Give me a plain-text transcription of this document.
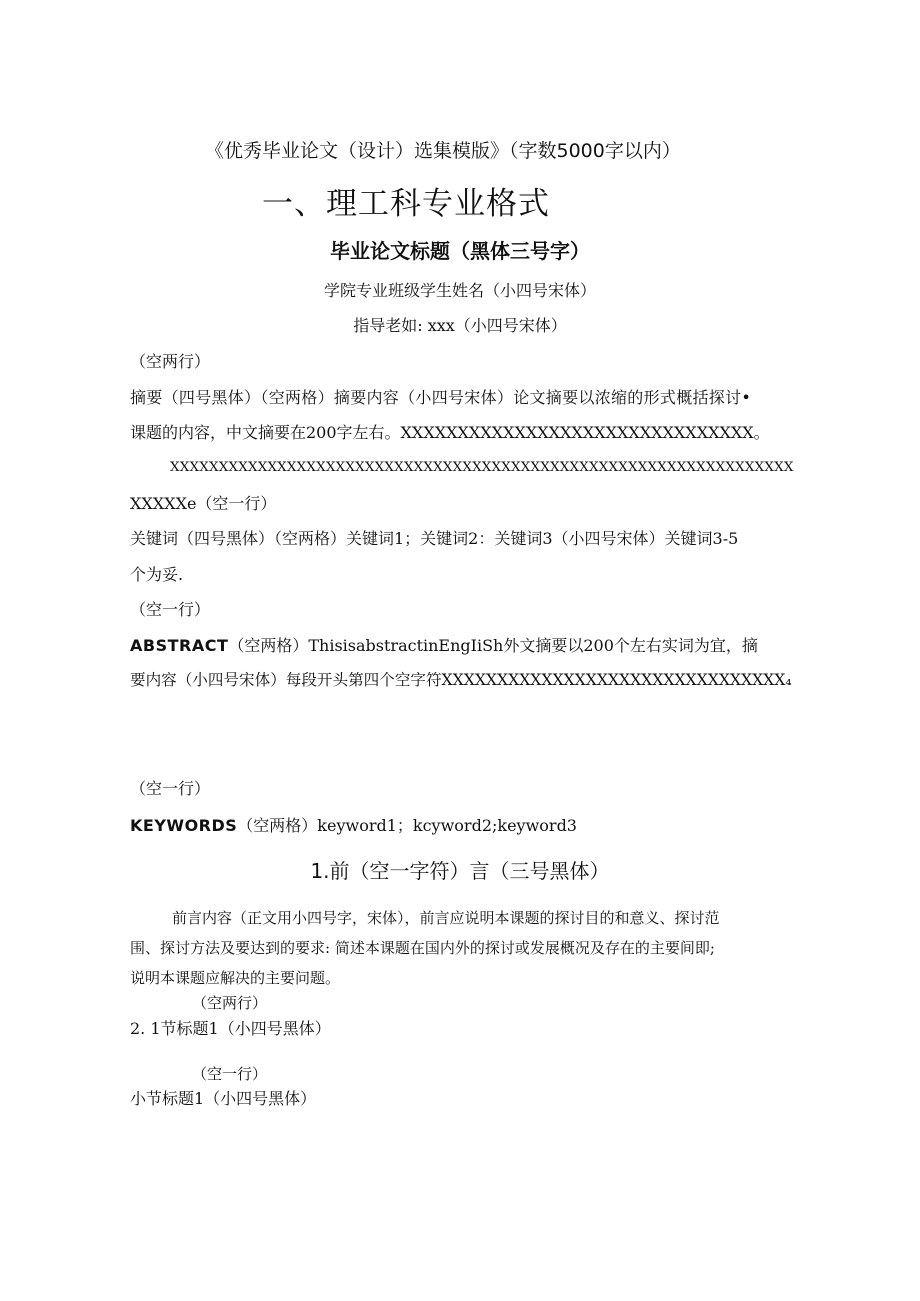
《优秀毕业论文（设计）选集模版》（字数5000字以内）
一、理工科专业格式
毕业论文标题（黑体三号字）
学院专业班级学生姓名（小四号宋体）
指导老如: xxx（小四号宋体）
（空两行）
摘要（四号黑体）（空两格）摘要内容（小四号宋体）论文摘要以浓缩的形式概括探讨•
课题的内容，中文摘要在200字左右。XXXXXXXXXXXXXXXXXXXXXXXXXXXXXXX。
XXXXXXXXXXXXXXXXXXXXXXXXXXXXXXXXXXXXXXXXXXXXXXXXXXXXXXXXXXXXXXXX
XXXXXe（空一行）
关键词（四号黑体）（空两格）关键词1；关键词2：关键词3（小四号宋体）关键词3-5
个为妥.
（空一行）
ABSTRACT（空两格）ThisisabstractinEngIiSh外文摘要以200个左右实词为宜，摘
要内容（小四号宋体）每段开头第四个空字符XXXXXXXXXXXXXXXXXXXXXXXXXXXXXXX₄
（空一行）
KEYWORDS（空两格）keyword1；kcyword2;keyword3
1.前（空一字符）言（三号黑体）
前言内容（正文用小四号字，宋体），前言应说明本课题的探讨目的和意义、探讨范
围、探讨方法及要达到的要求: 简述本课题在国内外的探讨或发展概况及存在的主要间即;
说明本课题应解决的主要问题。
（空两行）
2. 1节标题1（小四号黑体）
（空一行）
小节标题1（小四号黑体）
